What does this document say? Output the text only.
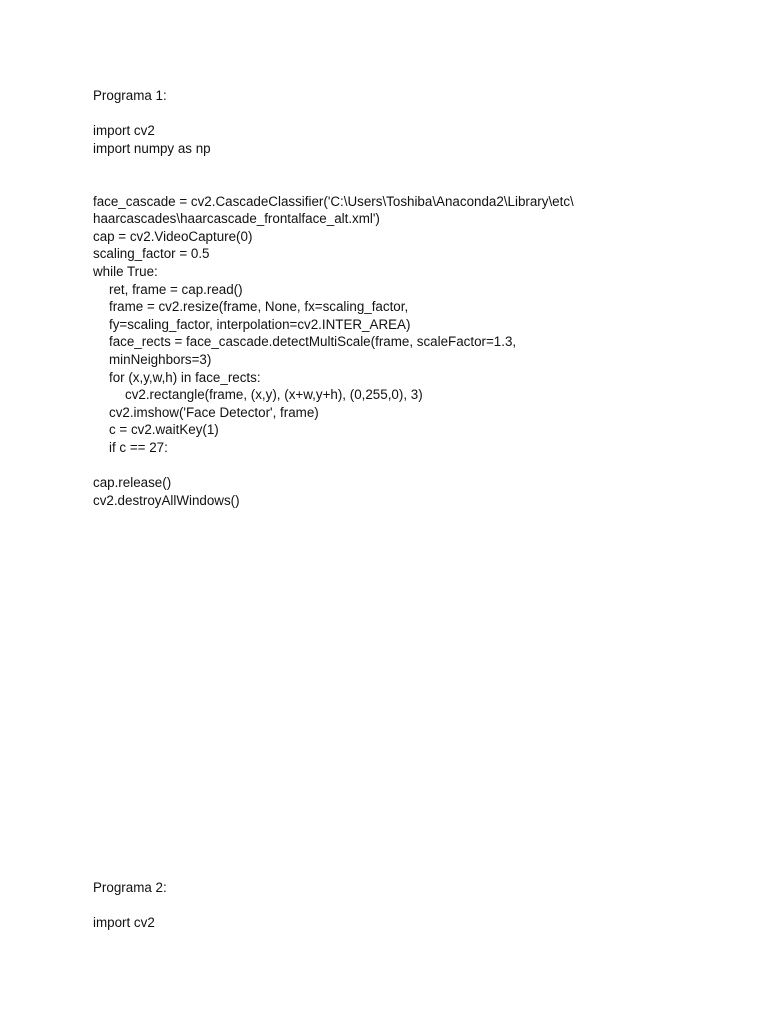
Programa 1:
import cv2
import numpy as np
face_cascade = cv2.CascadeClassifier('C:\Users\Toshiba\Anaconda2\Library\etc\
haarcascades\haarcascade_frontalface_alt.xml')
cap = cv2.VideoCapture(0)
scaling_factor = 0.5
while True:
ret, frame = cap.read()
frame = cv2.resize(frame, None, fx=scaling_factor,
fy=scaling_factor, interpolation=cv2.INTER_AREA)
face_rects = face_cascade.detectMultiScale(frame, scaleFactor=1.3,
minNeighbors=3)
for (x,y,w,h) in face_rects:
cv2.rectangle(frame, (x,y), (x+w,y+h), (0,255,0), 3)
cv2.imshow('Face Detector', frame)
c = cv2.waitKey(1)
if c == 27:
cap.release()
cv2.destroyAllWindows()
Programa 2:
import cv2
